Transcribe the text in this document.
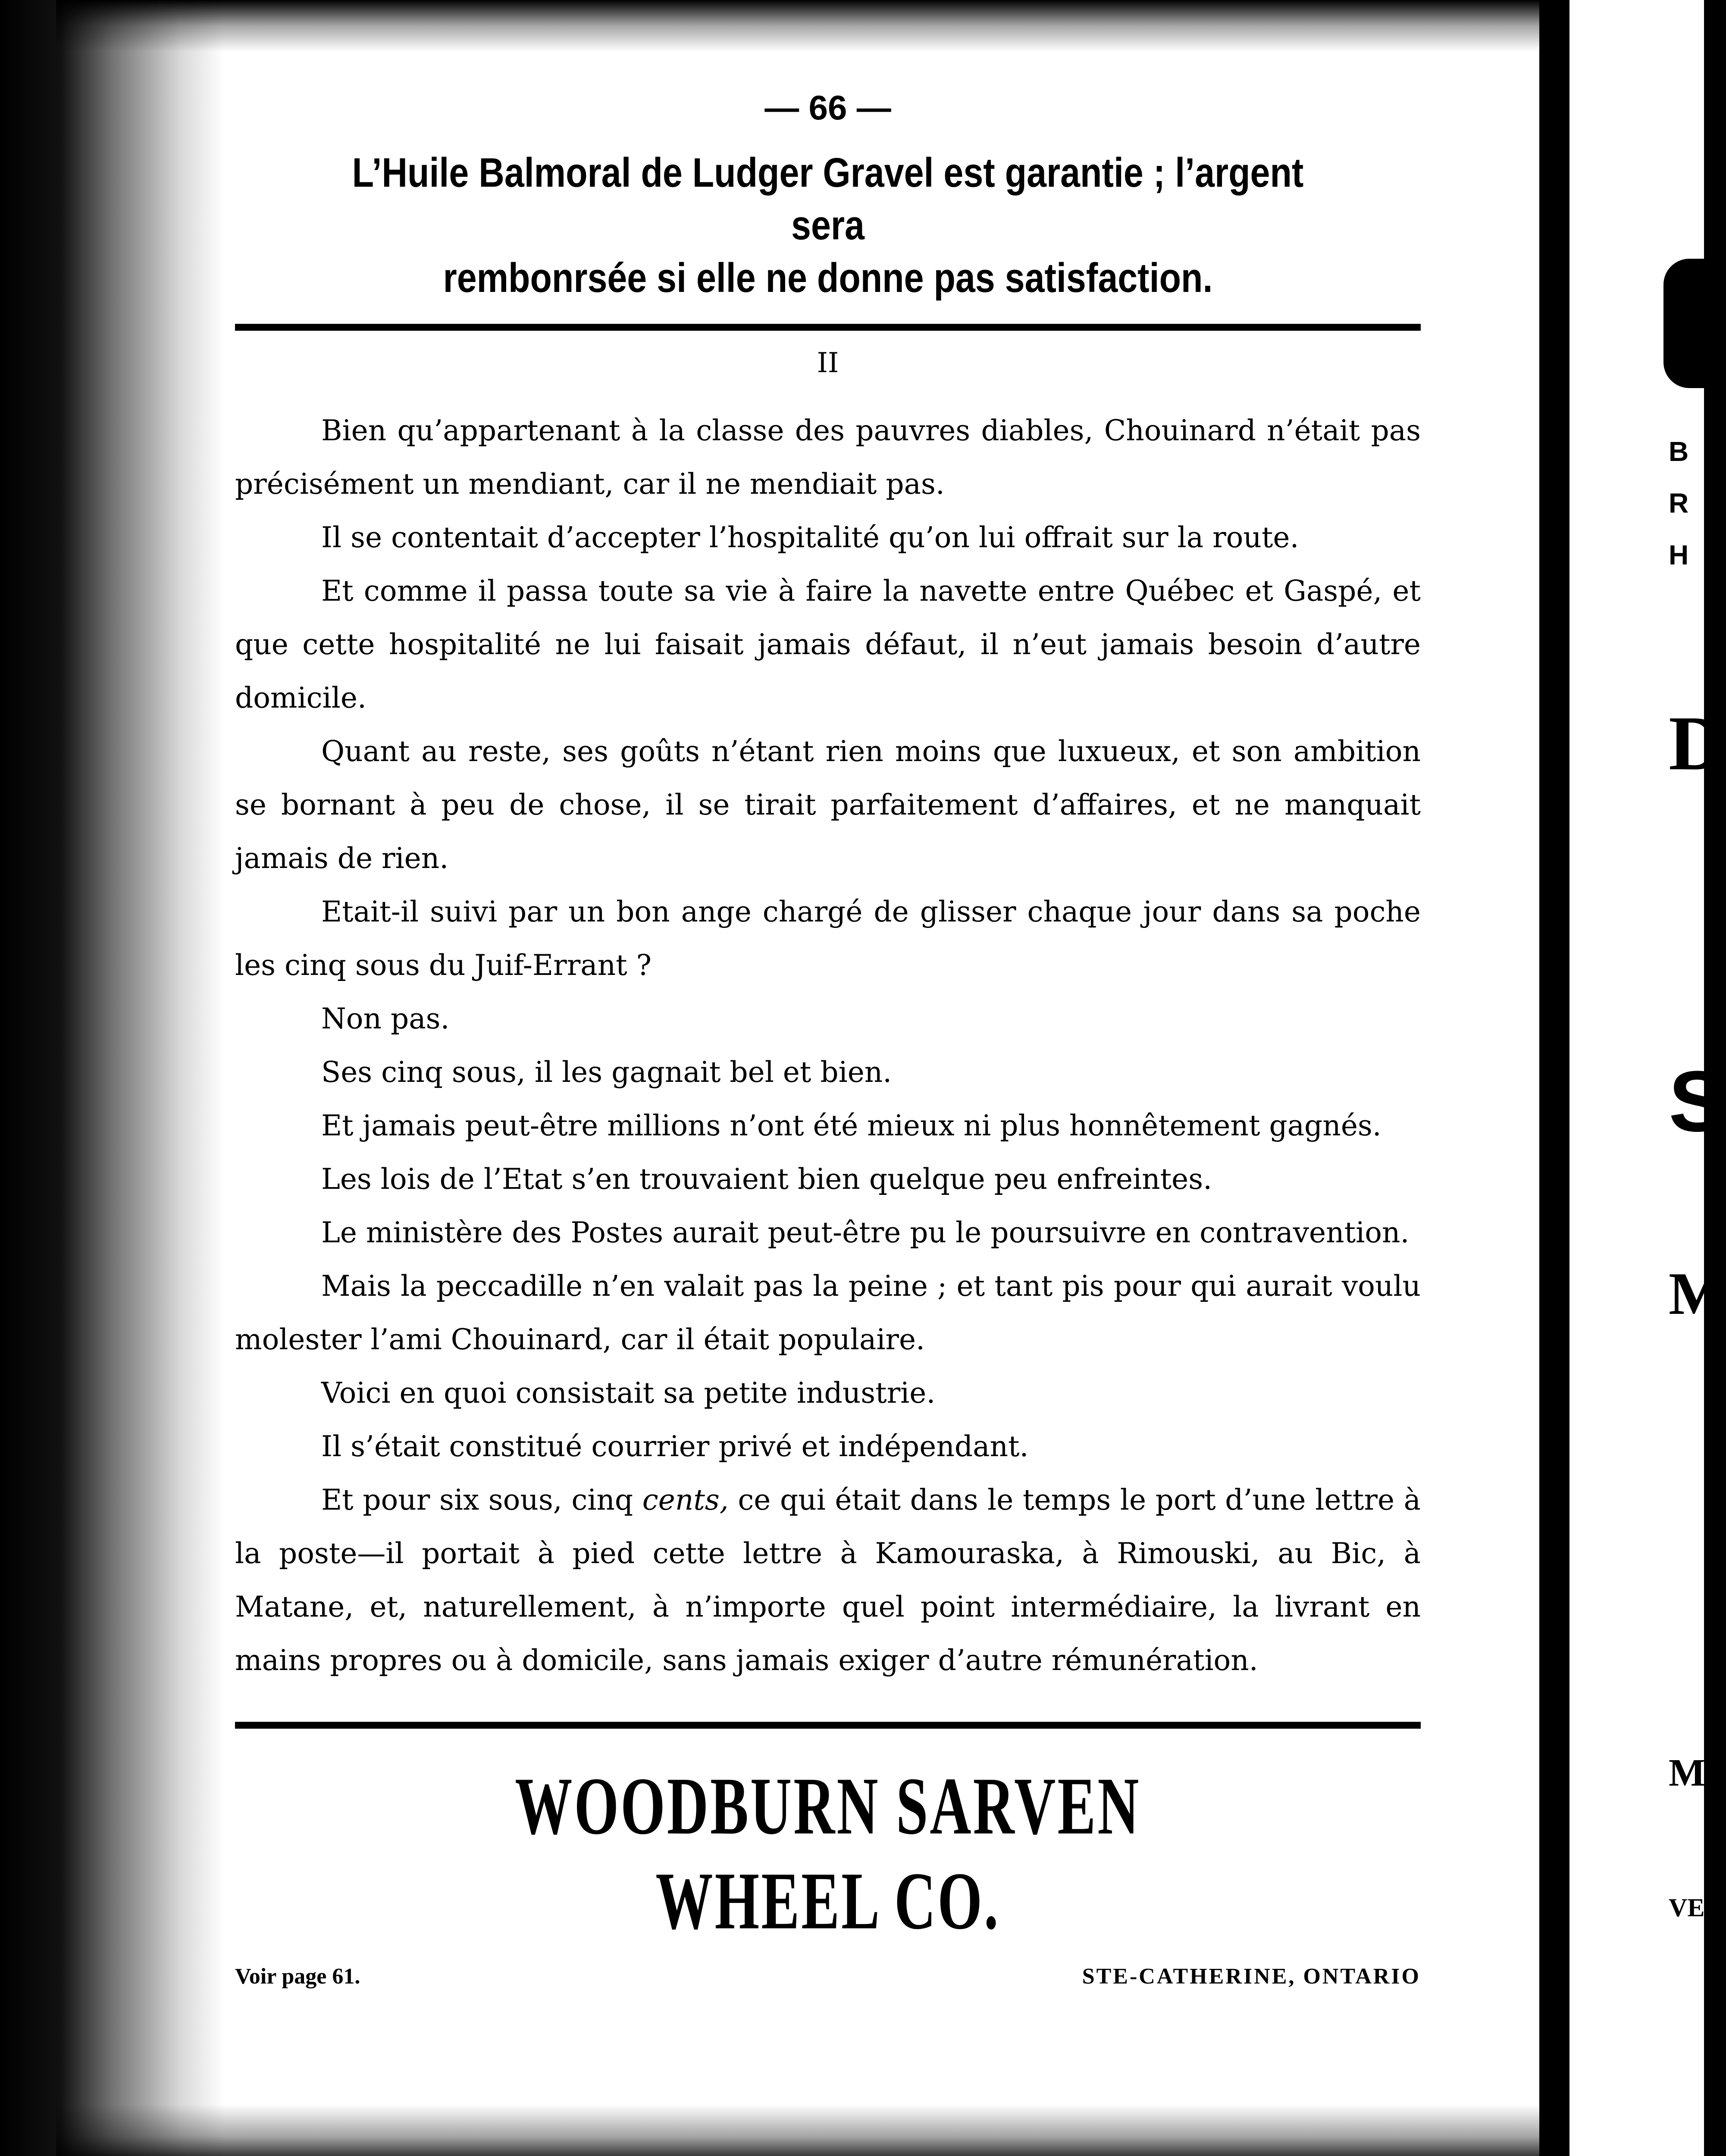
B
R
H
D
S
M
M
VE

— 66 —

L’Huile Balmoral de Ludger Gravel est garantie ; l’argent sera

rembonrsée si elle ne donne pas satisfaction.

II

Bien qu’appartenant à la classe des pauvres diables, Chouinard n’était pas précisément un mendiant, car il ne mendiait pas.

Il se contentait d’accepter l’hospitalité qu’on lui offrait sur la route.

Et comme il passa toute sa vie à faire la navette entre Québec et Gaspé, et que cette hospitalité ne lui faisait jamais défaut, il n’eut jamais besoin d’autre domicile.

Quant au reste, ses goûts n’étant rien moins que luxueux, et son ambition se bornant à peu de chose, il se tirait parfaitement d’affaires, et ne manquait jamais de rien.

Etait-il suivi par un bon ange chargé de glisser chaque jour dans sa poche les cinq sous du Juif-Errant ?

Non pas.

Ses cinq sous, il les gagnait bel et bien.

Et jamais peut-être millions n’ont été mieux ni plus honnêtement gagnés.

Les lois de l’Etat s’en trouvaient bien quelque peu enfreintes.

Le ministère des Postes aurait peut-être pu le poursuivre en contravention.

Mais la peccadille n’en valait pas la peine ; et tant pis pour qui aurait voulu molester l’ami Chouinard, car il était populaire.

Voici en quoi consistait sa petite industrie.

Il s’était constitué courrier privé et indépendant.

Et pour six sous, cinq cents, ce qui était dans le temps le port d’une lettre à la poste—il portait à pied cette lettre à Kamouraska, à Rimouski, au Bic, à Matane, et, naturellement, à n’importe quel point intermédiaire, la livrant en mains propres ou à domicile, sans jamais exiger d’autre rémunération.

WOODBURN SARVEN WHEEL CO.

Voir page 61.	STE-CATHERINE, ONTARIO
